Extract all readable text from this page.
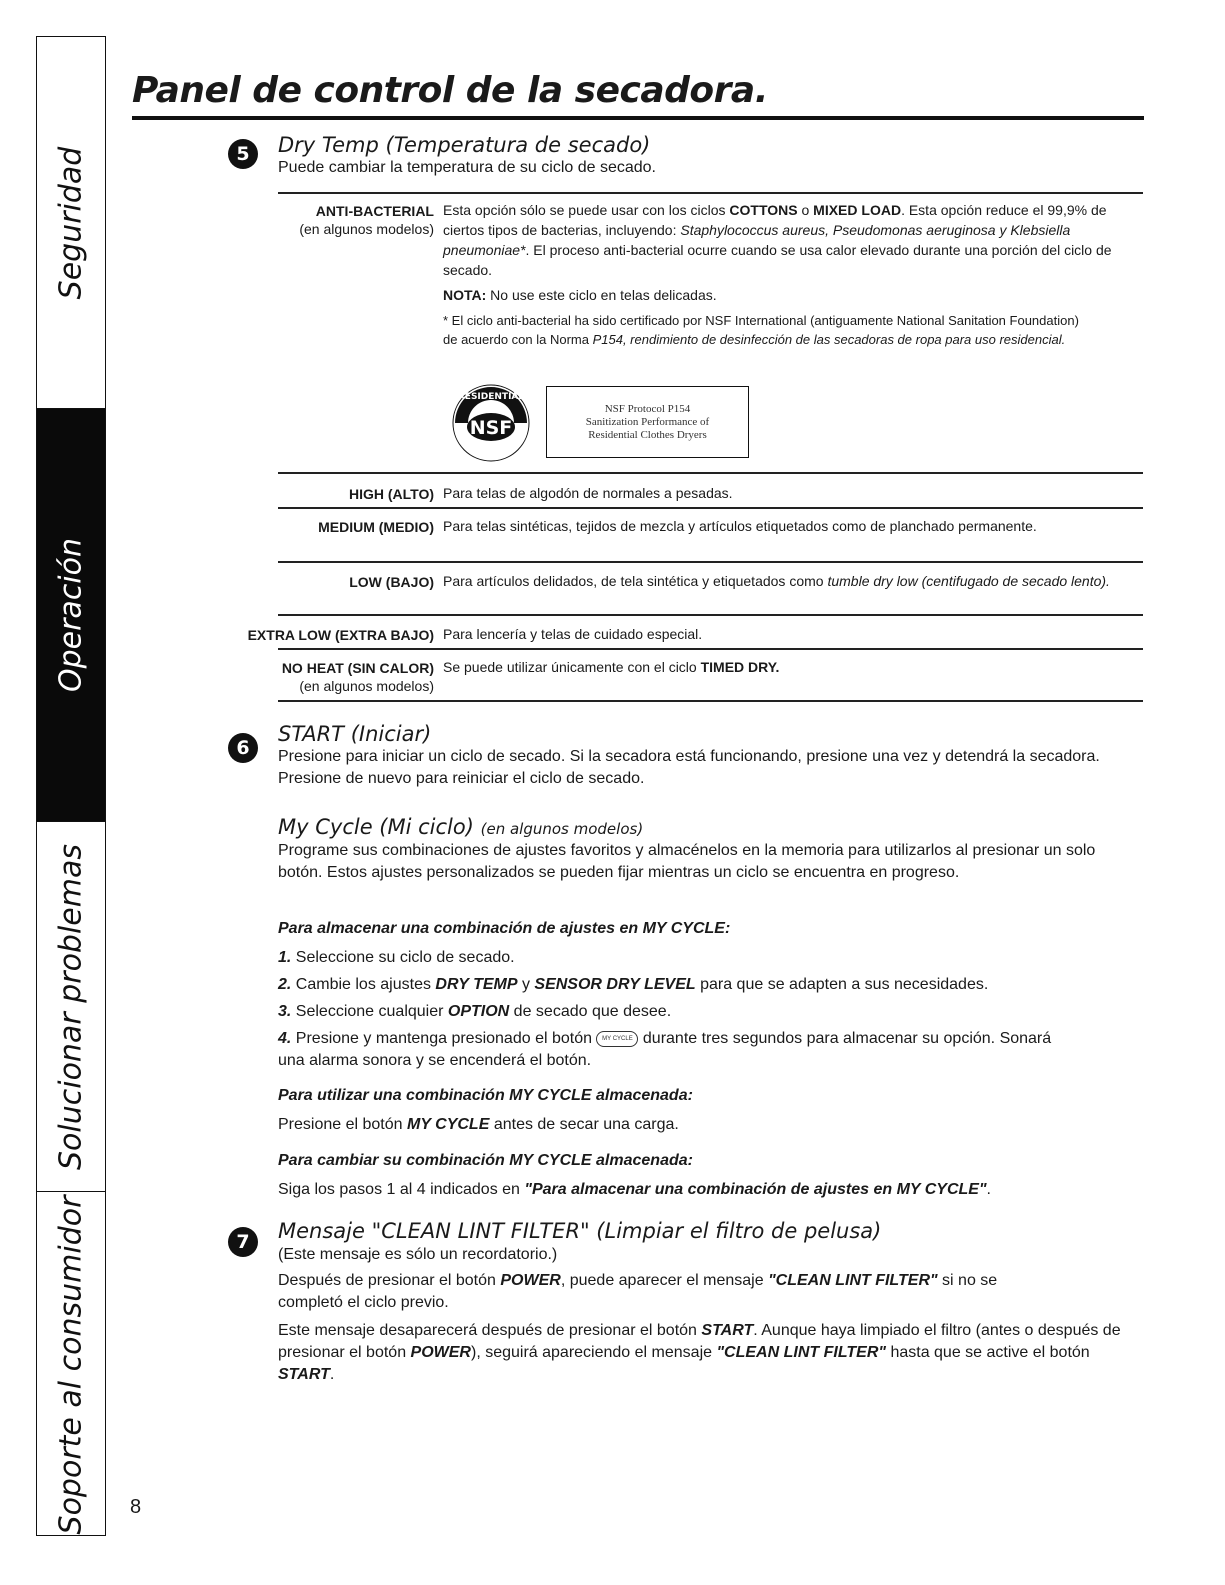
Seguridad
Operación
Solucionar problemas
Soporte al consumidor 8
Panel de control de la secadora.
5	Dry Temp (Temperatura de secado)
Puede cambiar la temperatura de su ciclo de secado.
ANTI-BACTERIAL
(en algunos modelos)
Esta opción sólo se puede usar con los ciclos COTTONS o MIXED LOAD. Esta opción reduce el 99,9% de ciertos tipos de bacterias, incluyendo: Staphylococcus aureus, Pseudomonas aeruginosa y Klebsiella pneumoniae*. El proceso anti-bacterial ocurre cuando se usa calor elevado durante una porción del ciclo de secado.
NOTA: No use este ciclo en telas delicadas.
* El ciclo anti-bacterial ha sido certificado por NSF International (antiguamente National Sanitation Foundation) de acuerdo con la Norma P154, rendimiento de desinfección de las secadoras de ropa para uso residencial.
RESIDENTIAL
NSF
NSF Protocol P154
Sanitization Performance of
Residential Clothes Dryers
HIGH (ALTO) Para telas de algodón de normales a pesadas.
MEDIUM (MEDIO) Para telas sintéticas, tejidos de mezcla y artículos etiquetados como de planchado permanente.
LOW (BAJO) Para artículos delidados, de tela sintética y etiquetados como tumble dry low (centifugado de secado lento).
EXTRA LOW (EXTRA BAJO) Para lencería y telas de cuidado especial.
NO HEAT (SIN CALOR)
(en algunos modelos)
Se puede utilizar únicamente con el ciclo TIMED DRY.
6
START (Iniciar)
Presione para iniciar un ciclo de secado. Si la secadora está funcionando, presione una vez y detendrá la secadora. Presione de nuevo para reiniciar el ciclo de secado.
My Cycle (Mi ciclo) (en algunos modelos)
Programe sus combinaciones de ajustes favoritos y almacénelos en la memoria para utilizarlos al presionar un solo botón. Estos ajustes personalizados se pueden fijar mientras un ciclo se encuentra en progreso.
Para almacenar una combinación de ajustes en MY CYCLE:
1. Seleccione su ciclo de secado.
2. Cambie los ajustes DRY TEMP y SENSOR DRY LEVEL para que se adapten a sus necesidades.
3. Seleccione cualquier OPTION de secado que desee.
4. Presione y mantenga presionado el botón MY CYCLE durante tres segundos para almacenar su opción. Sonará una alarma sonora y se encenderá el botón.
Para utilizar una combinación MY CYCLE almacenada:
Presione el botón MY CYCLE antes de secar una carga.
Para cambiar su combinación MY CYCLE almacenada:
Siga los pasos 1 al 4 indicados en "Para almacenar una combinación de ajustes en MY CYCLE".
7	Mensaje "CLEAN LINT FILTER" (Limpiar el filtro de pelusa)
(Este mensaje es sólo un recordatorio.)
Después de presionar el botón POWER, puede aparecer el mensaje "CLEAN LINT FILTER" si no se completó el ciclo previo.
Este mensaje desaparecerá después de presionar el botón START. Aunque haya limpiado el filtro (antes o después de presionar el botón POWER), seguirá apareciendo el mensaje "CLEAN LINT FILTER" hasta que se active el botón START.
